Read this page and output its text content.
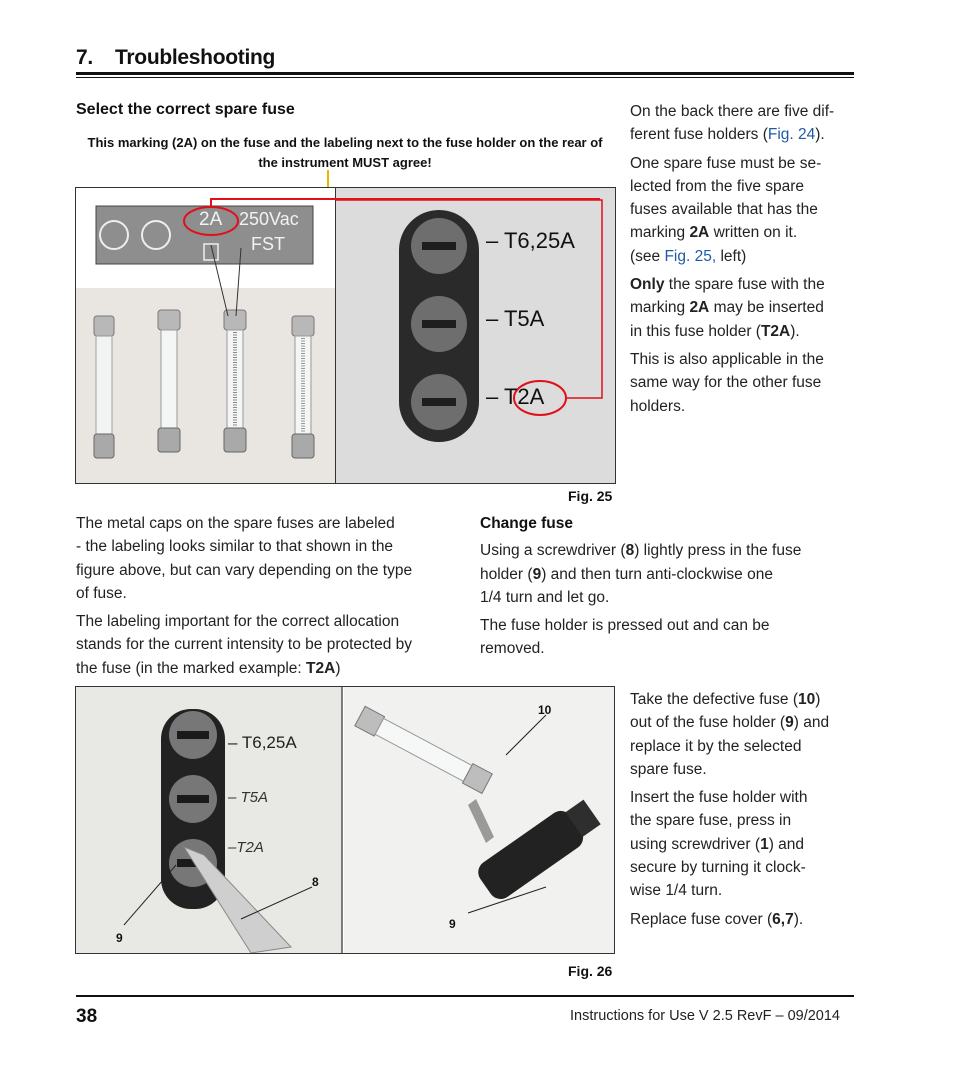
7.    Troubleshooting
Select the correct spare fuse
This marking (2A) on the fuse and the labeling next to the fuse holder on the rear of
the instrument MUST agree!
On the back there are five dif-
ferent fuse holders (Fig. 24).
One spare fuse must be se-
lected from the five spare
fuses available that has the
marking 2A written on it.
(see Fig. 25, left)
Only the spare fuse with the
marking 2A may be inserted
in this fuse holder (T2A).
This is also applicable in the
same way for the other fuse
holders.
2A 250Vac
FST	– T6,25A
– T5A
– T2A
Fig. 25
The metal caps on the spare fuses are labeled
- the labeling looks similar to that shown in the
figure above, but can vary depending on the type
of fuse.
The labeling important for the correct allocation
stands for the current intensity to be protected by
the fuse (in the marked example: T2A)
Change fuse
Using a screwdriver (8) lightly press in the fuse
holder (9) and then turn anti-clockwise one
1/4 turn and let go.
The fuse holder is pressed out and can be
removed.
– T6,25A
– T5A
–T2A
8
9
9
10
Fig. 26
Take the defective fuse (10)
out of the fuse holder (9) and
replace it by the selected
spare fuse.
Insert the fuse holder with
the spare fuse, press in
using screwdriver (1) and
secure by turning it clock-
wise 1/4 turn.
Replace fuse cover (6,7).
38	Instructions for Use V 2.5 RevF – 09/2014
